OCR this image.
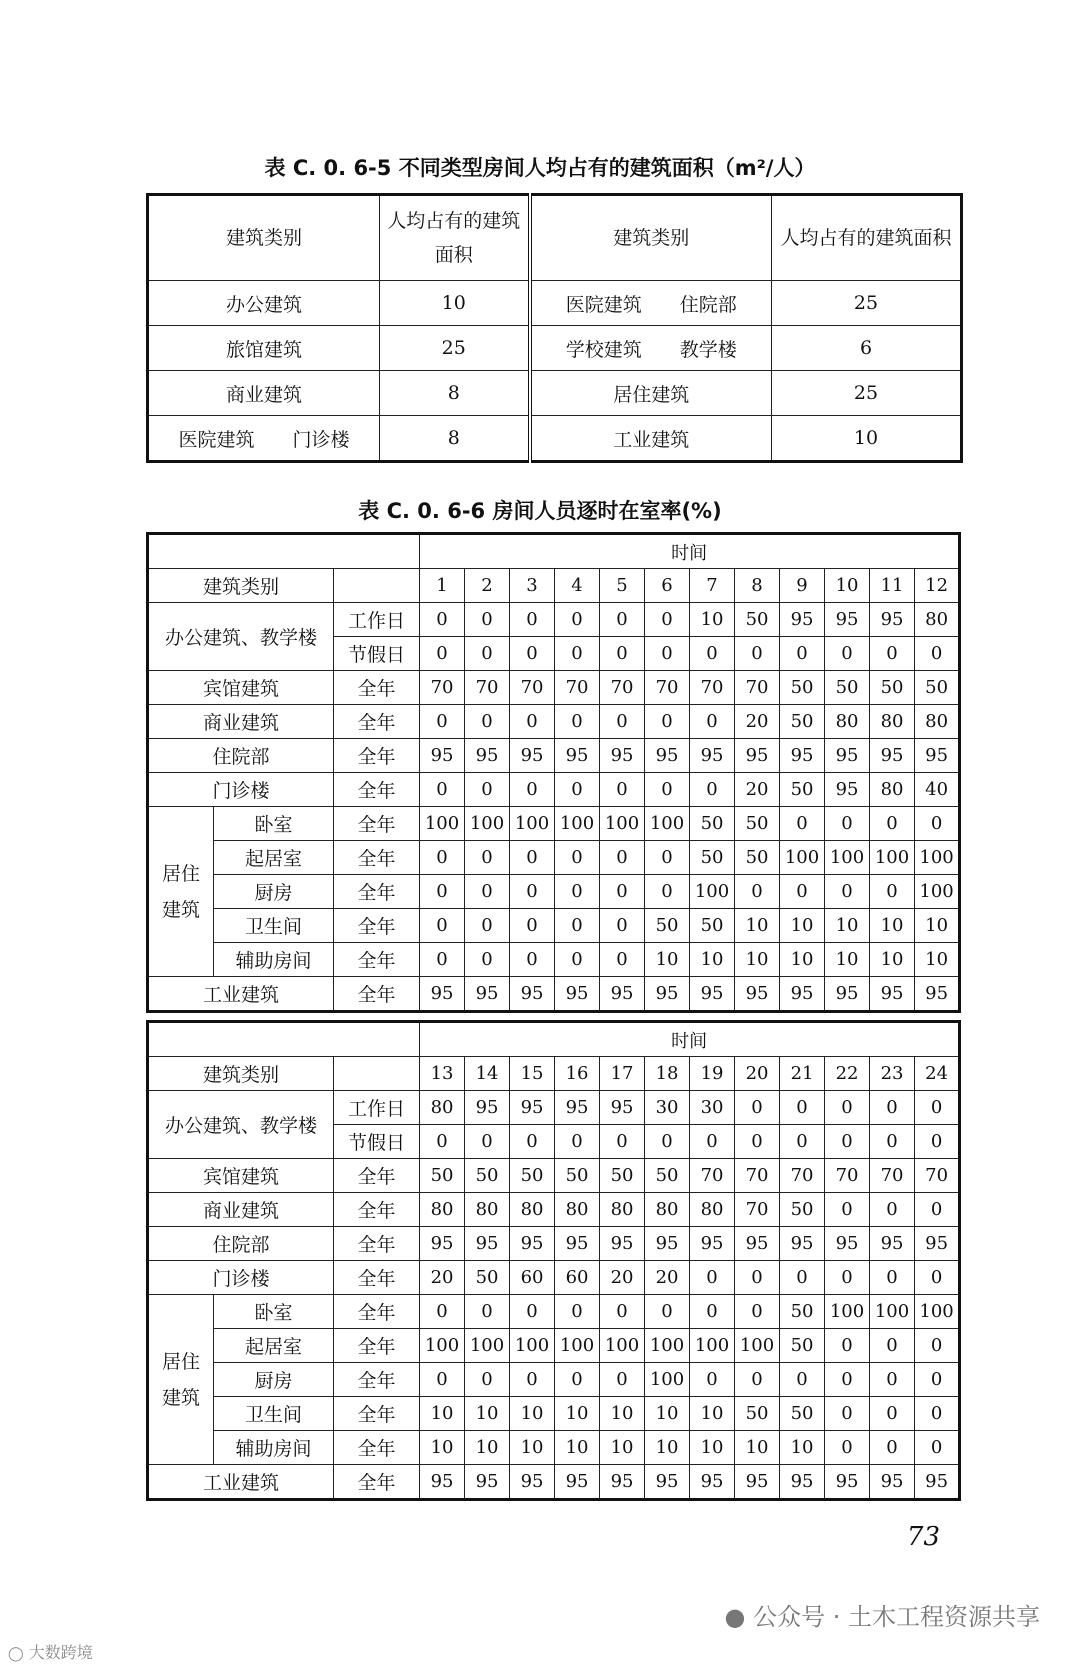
表 C. 0. 6-5 不同类型房间人均占有的建筑面积（m²/人）
建筑类别	人均占有的建筑面积	建筑类别	人均占有的建筑面积
办公建筑	10	医院建筑　　住院部	25
旅馆建筑	25	学校建筑　　教学楼	6
商业建筑	8	居住建筑	25
医院建筑　　门诊楼	8	工业建筑	10
表 C. 0. 6-6 房间人员逐时在室率(%)
			时间											
建筑类别			1	2	3	4	5	6	7	8	9	10	11	12
办公建筑、教学楼		工作日	0	0	0	0	0	0	10	50	95	95	95	80
		节假日	0	0	0	0	0	0	0	0	0	0	0	0
宾馆建筑		全年	70	70	70	70	70	70	70	70	50	50	50	50
商业建筑		全年	0	0	0	0	0	0	0	20	50	80	80	80
住院部		全年	95	95	95	95	95	95	95	95	95	95	95	95
门诊楼		全年	0	0	0	0	0	0	0	20	50	95	80	40
居住建筑	卧室	全年	100	100	100	100	100	100	50	50	0	0	0	0
	起居室	全年	0	0	0	0	0	0	50	50	100	100	100	100
	厨房	全年	0	0	0	0	0	0	100	0	0	0	0	100
	卫生间	全年	0	0	0	0	0	50	50	10	10	10	10	10
	辅助房间	全年	0	0	0	0	0	10	10	10	10	10	10	10
工业建筑		全年	95	95	95	95	95	95	95	95	95	95	95	95
			时间											
建筑类别			13	14	15	16	17	18	19	20	21	22	23	24
办公建筑、教学楼		工作日	80	95	95	95	95	30	30	0	0	0	0	0
		节假日	0	0	0	0	0	0	0	0	0	0	0	0
宾馆建筑		全年	50	50	50	50	50	50	70	70	70	70	70	70
商业建筑		全年	80	80	80	80	80	80	80	70	50	0	0	0
住院部		全年	95	95	95	95	95	95	95	95	95	95	95	95
门诊楼		全年	20	50	60	60	20	20	0	0	0	0	0	0
居住建筑	卧室	全年	0	0	0	0	0	0	0	0	50	100	100	100
	起居室	全年	100	100	100	100	100	100	100	100	50	0	0	0
	厨房	全年	0	0	0	0	0	100	0	0	0	0	0	0
	卫生间	全年	10	10	10	10	10	10	10	50	50	0	0	0
	辅助房间	全年	10	10	10	10	10	10	10	10	10	0	0	0
工业建筑		全年	95	95	95	95	95	95	95	95	95	95	95	95
73
◯ 大数跨境
● 公众号 · 土木工程资源共享
